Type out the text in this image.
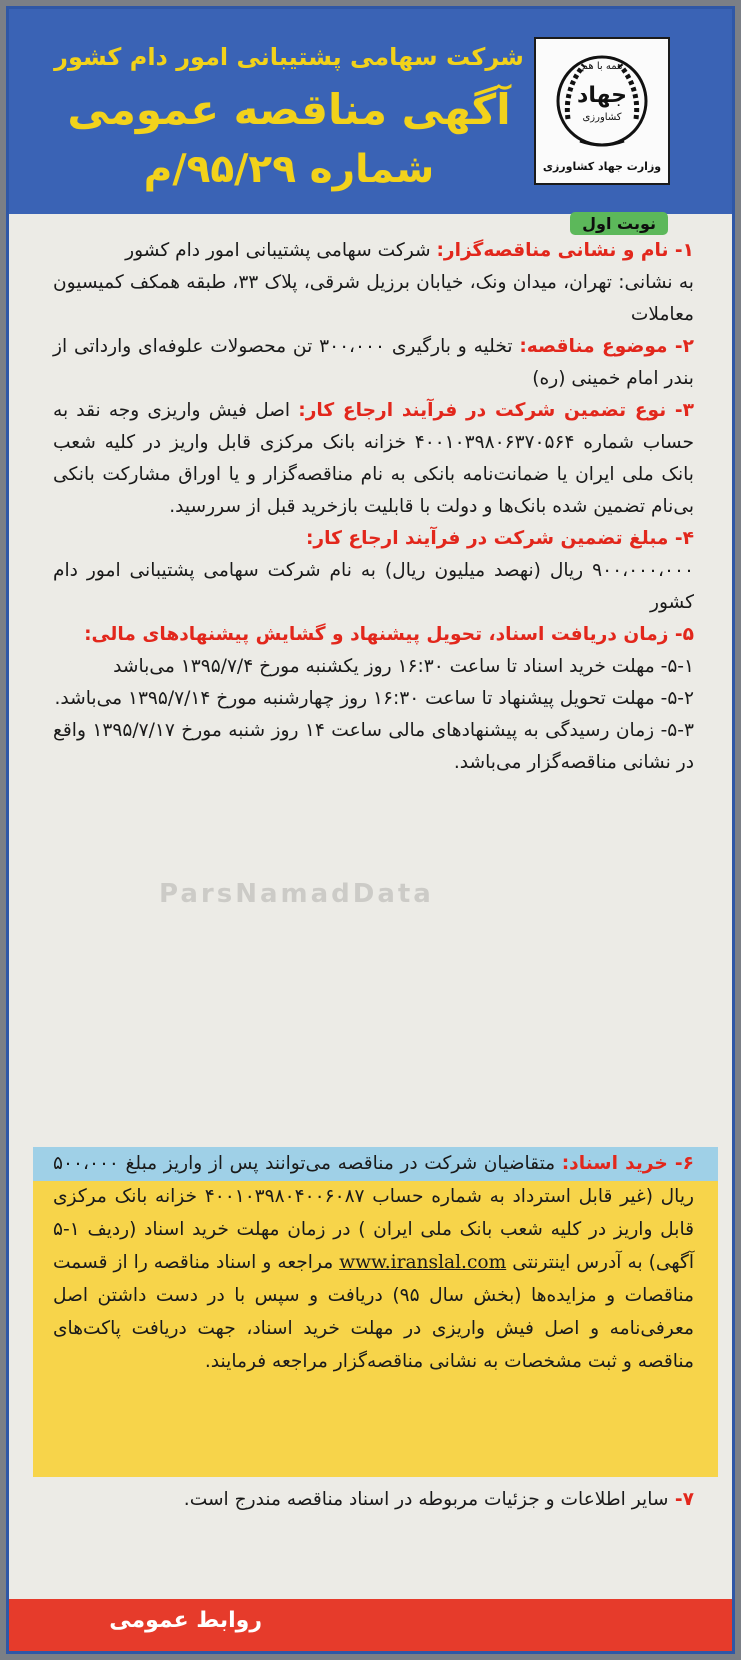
همه با هم
جهاد
کشاورزی
وزارت جهاد کشاورزی
شرکت سهامی پشتیبانی امور دام کشور
آگهی مناقصه عمومی
شماره ۹۵/۲۹/م
نوبت اول

۱- نام و نشانی مناقصه‌گزار: شرکت سهامی پشتیبانی امور دام کشور

به نشانی: تهران، میدان ونک، خیابان برزیل شرقی، پلاک ۳۳، طبقه همکف کمیسیون معاملات

۲- موضوع مناقصه: تخلیه و بارگیری ۳۰۰،۰۰۰ تن محصولات علوفه‌ای وارداتی از بندر امام خمینی (ره)

۳- نوع تضمین شرکت در فرآیند ارجاع کار: اصل فیش واریزی وجه نقد به حساب شماره ۴۰۰۱۰۳۹۸۰۶۳۷۰۵۶۴ خزانه بانک مرکزی قابل واریز در کلیه شعب بانک ملی ایران یا ضمانت‌نامه بانکی به نام مناقصه‌گزار و یا اوراق مشارکت بانکی بی‌نام تضمین شده بانک‌ها و دولت با قابلیت بازخرید قبل از سررسید.

۴- مبلغ تضمین شرکت در فرآیند ارجاع کار:

۹۰۰،۰۰۰،۰۰۰ ریال (نهصد میلیون ریال) به نام شرکت سهامی پشتیبانی امور دام کشور

۵- زمان دریافت اسناد، تحویل پیشنهاد و گشایش پیشنهادهای مالی:

۵-۱- مهلت خرید اسناد تا ساعت ۱۶:۳۰ روز یکشنبه مورخ ۱۳۹۵/۷/۴ می‌باشد

۵-۲- مهلت تحویل پیشنهاد تا ساعت ۱۶:۳۰ روز چهارشنبه مورخ ۱۳۹۵/۷/۱۴ می‌باشد.

۵-۳- زمان رسیدگی به پیشنهادهای مالی ساعت ۱۴ روز شنبه مورخ ۱۳۹۵/۷/۱۷ واقع در نشانی مناقصه‌گزار می‌باشد.

ParsNamadData

۶- خرید اسناد: متقاضیان شرکت در مناقصه می‌توانند پس از واریز مبلغ ۵۰۰،۰۰۰ ریال (غیر قابل استرداد به شماره حساب ۴۰۰۱۰۳۹۸۰۴۰۰۶۰۸۷ خزانه بانک مرکزی قابل واریز در کلیه شعب بانک ملی ایران ) در زمان مهلت خرید اسناد (ردیف ۱-۵ آگهی) به آدرس اینترنتی www.iranslal.com مراجعه و اسناد مناقصه را از قسمت مناقصات و مزایده‌ها (بخش سال ۹۵) دریافت و سپس با در دست داشتن اصل معرفی‌نامه و اصل فیش واریزی در مهلت خرید اسناد، جهت دریافت پاکت‌های مناقصه و ثبت مشخصات به نشانی مناقصه‌گزار مراجعه فرمایند.

۷- سایر اطلاعات و جزئیات مربوطه در اسناد مناقصه مندرج است.
روابط عمومی
